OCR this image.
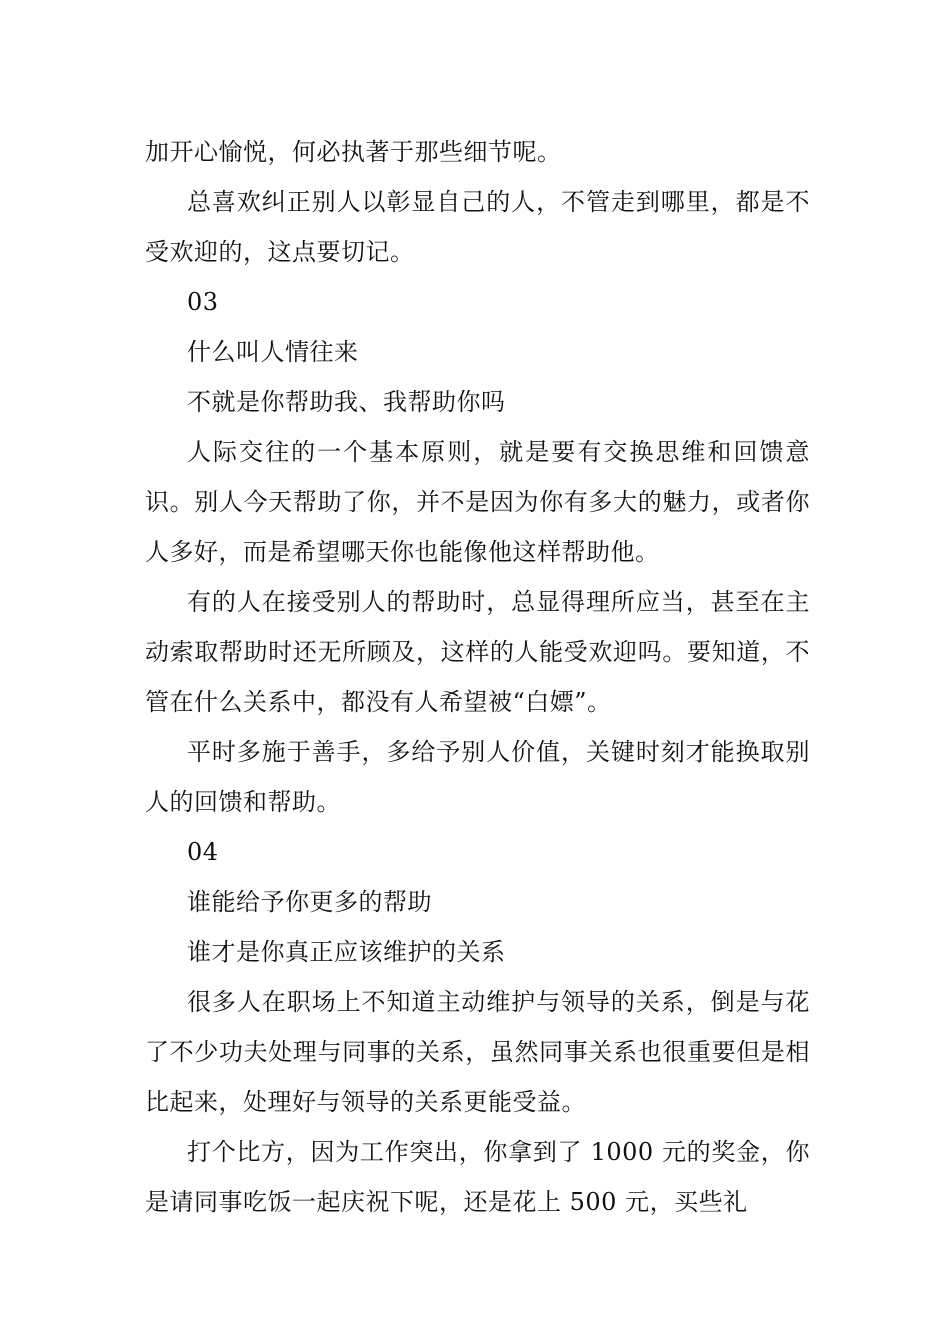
加开心愉悦，何必执著于那些细节呢。

总喜欢纠正别人以彰显自己的人，不管走到哪里，都是不受欢迎的，这点要切记。

03

什么叫人情往来

不就是你帮助我、我帮助你吗

人际交往的一个基本原则，就是要有交换思维和回馈意识。别人今天帮助了你，并不是因为你有多大的魅力，或者你人多好，而是希望哪天你也能像他这样帮助他。

有的人在接受别人的帮助时，总显得理所应当，甚至在主动索取帮助时还无所顾及，这样的人能受欢迎吗。要知道，不管在什么关系中，都没有人希望被“白嫖”。

平时多施于善手，多给予别人价值，关键时刻才能换取别人的回馈和帮助。

04

谁能给予你更多的帮助

谁才是你真正应该维护的关系

很多人在职场上不知道主动维护与领导的关系，倒是与花了不少功夫处理与同事的关系，虽然同事关系也很重要但是相比起来，处理好与领导的关系更能受益。

打个比方，因为工作突出，你拿到了 1000 元的奖金，你是请同事吃饭一起庆祝下呢，还是花上 500 元，买些礼
